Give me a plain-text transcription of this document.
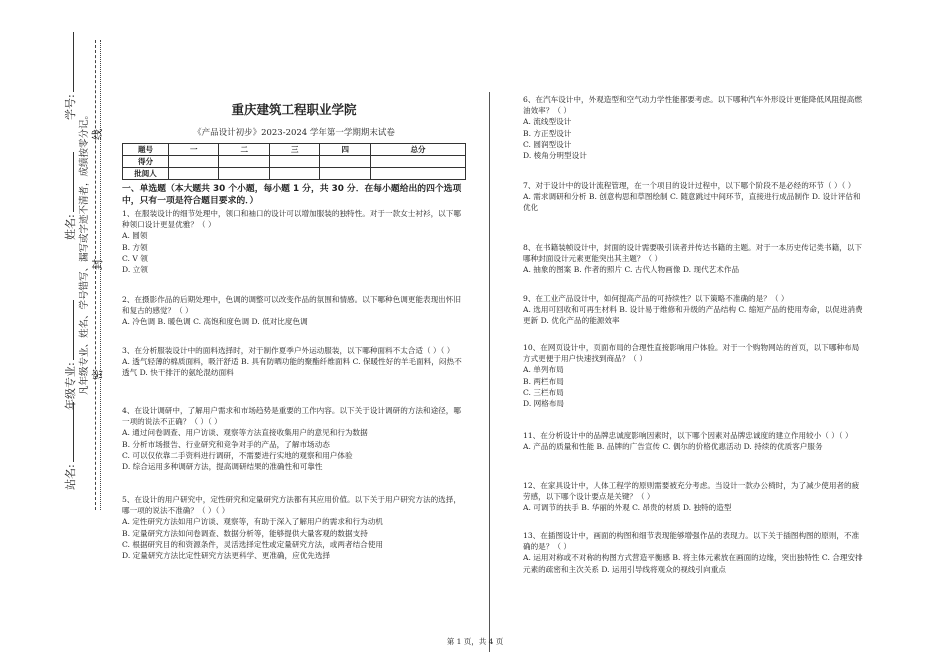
学号:
姓名:
年级专业:
站名:
凡年级专业、姓名、学号错写、漏写或字迹不清者，成绩按零分记。 密
封
线
重庆建筑工程职业学院
《产品设计初步》2023-2024 学年第一学期期末试卷
题号	一	二	三	四	总分
得分					
批阅人					
一、单选题（本大题共 30 个小题，每小题 1 分，共 30 分．在每小题给出的四个选项中，只有一项是符合题目要求的．）
1、在服装设计的细节处理中，领口和袖口的设计可以增加服装的独特性。对于一款女士衬衫，以下哪种领口设计更显优雅？（ ）
A. 圆领
B. 方领
C. V 领
D. 立领
2、在摄影作品的后期处理中，色调的调整可以改变作品的氛围和情感。以下哪种色调更能表现出怀旧和复古的感觉？（ ）
A. 冷色调 B. 暖色调 C. 高饱和度色调 D. 低对比度色调
3、在分析服装设计中的面料选择时，对于制作夏季户外运动服装，以下哪种面料不太合适（ ）（ ）
A. 透气轻薄的棉质面料，吸汗舒适 B. 具有防晒功能的聚酯纤维面料 C. 保暖性好的羊毛面料，闷热不透气 D. 快干排汗的氨纶混纺面料
4、在设计调研中，了解用户需求和市场趋势是重要的工作内容。以下关于设计调研的方法和途径，哪一项的说法不正确？（ ）（ ）
A. 通过问卷调查、用户访谈、观察等方法直接收集用户的意见和行为数据
B. 分析市场报告、行业研究和竞争对手的产品，了解市场动态
C. 可以仅依靠二手资料进行调研，不需要进行实地的观察和用户体验
D. 综合运用多种调研方法，提高调研结果的准确性和可靠性
5、在设计的用户研究中，定性研究和定量研究方法都有其应用价值。以下关于用户研究方法的选择，哪一项的说法不准确？（ ）（ ）
A. 定性研究方法如用户访谈、观察等，有助于深入了解用户的需求和行为动机
B. 定量研究方法如问卷调查、数据分析等，能够提供大量客观的数据支持
C. 根据研究目的和资源条件，灵活选择定性或定量研究方法，或两者结合使用
D. 定量研究方法比定性研究方法更科学、更准确，应优先选择
6、在汽车设计中，外观造型和空气动力学性能都要考虑。以下哪种汽车外形设计更能降低风阻提高燃油效率？（ ）
A. 流线型设计
B. 方正型设计
C. 圆润型设计
D. 棱角分明型设计
7、对于设计中的设计流程管理，在一个项目的设计过程中，以下哪个阶段不是必经的环节（ ）（ ）
A. 需求调研和分析 B. 创意构思和草图绘制 C. 随意跳过中间环节，直接进行成品制作 D. 设计评估和优化
8、在书籍装帧设计中，封面的设计需要吸引读者并传达书籍的主题。对于一本历史传记类书籍，以下哪种封面设计元素更能突出其主题？（ ）
A. 抽象的图案 B. 作者的照片 C. 古代人物画像 D. 现代艺术作品
9、在工业产品设计中，如何提高产品的可持续性？以下策略不准确的是？（ ）
A. 选用可回收和可再生材料 B. 设计易于维修和升级的产品结构 C. 缩短产品的使用寿命，以促进消费更新 D. 优化产品的能源效率
10、在网页设计中，页面布局的合理性直接影响用户体验。对于一个购物网站的首页，以下哪种布局方式更便于用户快速找到商品？（ ）
A. 单列布局
B. 两栏布局
C. 三栏布局
D. 网格布局
11、在分析设计中的品牌忠诚度影响因素时，以下哪个因素对品牌忠诚度的建立作用较小（ ）（ ）
A. 产品的质量和性能 B. 品牌的广告宣传 C. 偶尔的价格优惠活动 D. 持续的优质客户服务
12、在家具设计中，人体工程学的原则需要被充分考虑。当设计一款办公椅时，为了减少使用者的疲劳感，以下哪个设计要点是关键？（ ）
A. 可调节的扶手 B. 华丽的外观 C. 昂贵的材质 D. 独特的造型
13、在插图设计中，画面的构图和细节表现能够增强作品的表现力。以下关于插图构图的原则，不准确的是？（ ）
A. 运用对称或不对称的构图方式营造平衡感 B. 将主体元素放在画面的边缘，突出独特性 C. 合理安排元素的疏密和主次关系 D. 运用引导线将观众的视线引向重点
第 1 页，共 4 页
